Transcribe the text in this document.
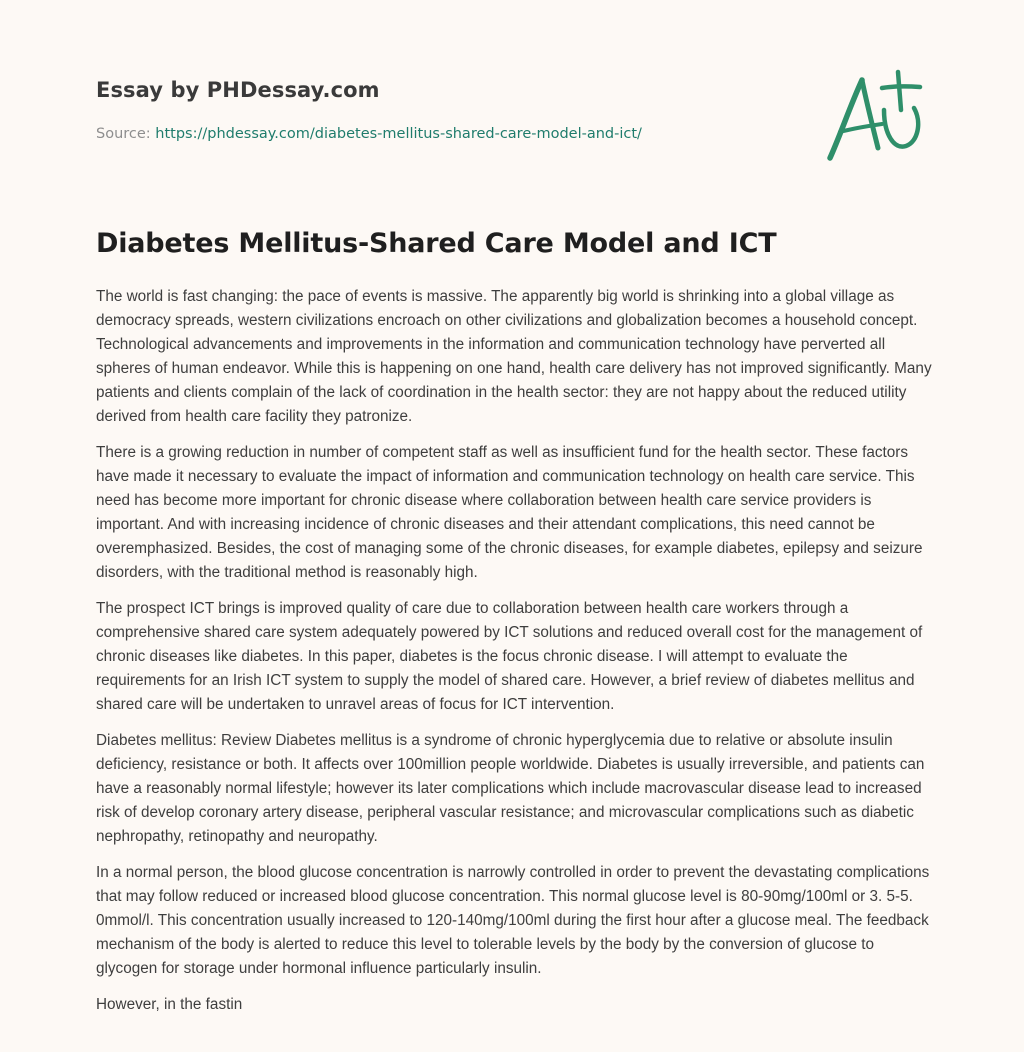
Essay by PHDessay.com
Source: https://phdessay.com/diabetes-mellitus-shared-care-model-and-ict/
Diabetes Mellitus-Shared Care Model and ICT

The world is fast changing: the pace of events is massive. The apparently big world is shrinking into a global village as democracy spreads, western civilizations encroach on other civilizations and globalization becomes a household concept. Technological advancements and improvements in the information and communication technology have perverted all spheres of human endeavor. While this is happening on one hand, health care delivery has not improved significantly. Many patients and clients complain of the lack of coordination in the health sector: they are not happy about the reduced utility derived from health care facility they patronize.

There is a growing reduction in number of competent staff as well as insufficient fund for the health sector. These factors have made it necessary to evaluate the impact of information and communication technology on health care service. This need has become more important for chronic disease where collaboration between health care service providers is important. And with increasing incidence of chronic diseases and their attendant complications, this need cannot be overemphasized. Besides, the cost of managing some of the chronic diseases, for example diabetes, epilepsy and seizure disorders, with the traditional method is reasonably high.

The prospect ICT brings is improved quality of care due to collaboration between health care workers through a comprehensive shared care system adequately powered by ICT solutions and reduced overall cost for the management of chronic diseases like diabetes. In this paper, diabetes is the focus chronic disease. I will attempt to evaluate the requirements for an Irish ICT system to supply the model of shared care. However, a brief review of diabetes mellitus and shared care will be undertaken to unravel areas of focus for ICT intervention.

Diabetes mellitus: Review Diabetes mellitus is a syndrome of chronic hyperglycemia due to relative or absolute insulin deficiency, resistance or both. It affects over 100million people worldwide. Diabetes is usually irreversible, and patients can have a reasonably normal lifestyle; however its later complications which include macrovascular disease lead to increased risk of develop coronary artery disease, peripheral vascular resistance; and microvascular complications such as diabetic nephropathy, retinopathy and neuropathy.

In a normal person, the blood glucose concentration is narrowly controlled in order to prevent the devastating complications that may follow reduced or increased blood glucose concentration. This normal glucose level is 80-90mg/100ml or 3. 5-5. 0mmol/l. This concentration usually increased to 120-140mg/100ml during the first hour after a glucose meal. The feedback mechanism of the body is alerted to reduce this level to tolerable levels by the body by the conversion of glucose to glycogen for storage under hormonal influence particularly insulin.

However, in the fastin
